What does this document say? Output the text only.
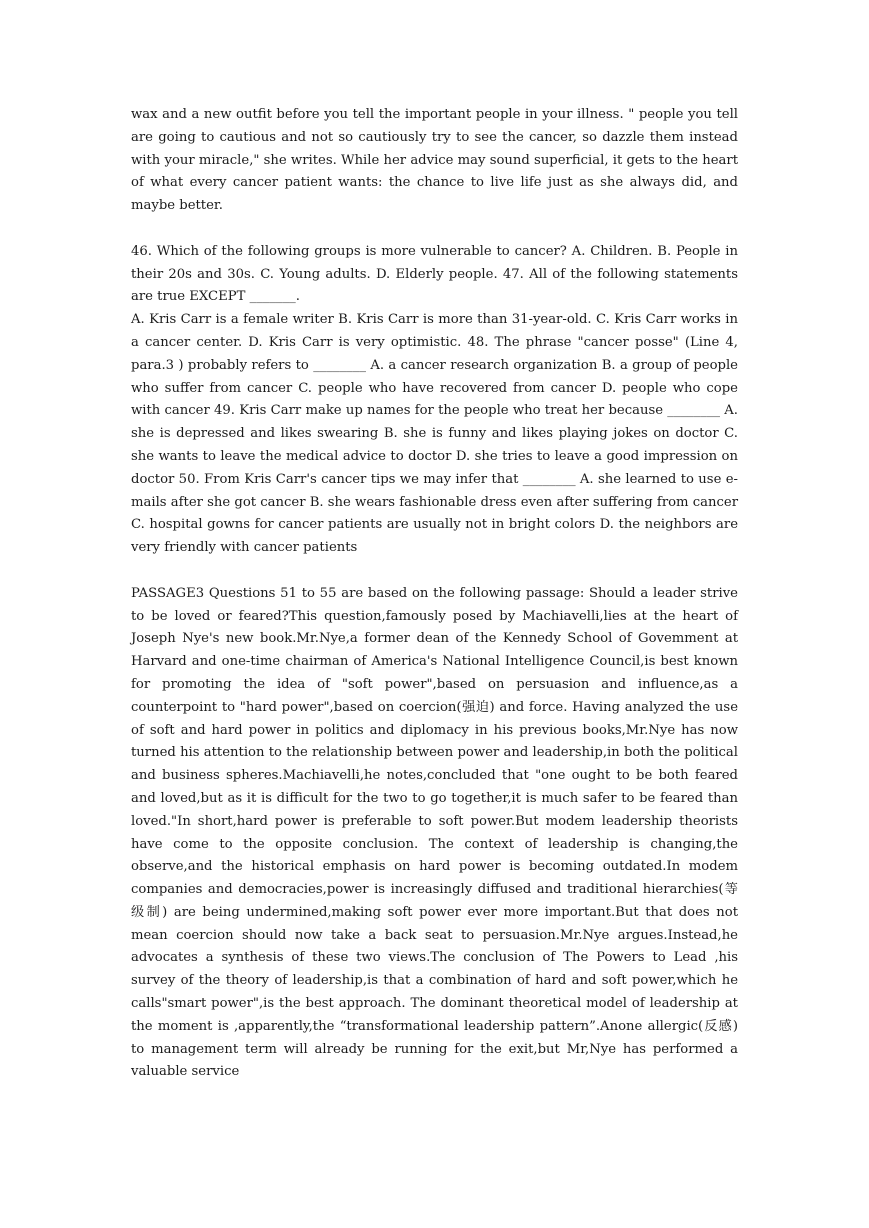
wax and a new outfit before you tell the important people in your illness. " people you tell are going to cautious and not so cautiously try to see the cancer, so dazzle them instead with your miracle," she writes. While her advice may sound superficial, it gets to the heart of what every cancer patient wants: the chance to live life just as she always did, and maybe better.

46. Which of the following groups is more vulnerable to cancer? A. Children. B. People in their 20s and 30s. C. Young adults. D. Elderly people. 47. All of the following statements are true EXCEPT _______.

A. Kris Carr is a female writer B. Kris Carr is more than 31-year-old. C. Kris Carr works in a cancer center. D. Kris Carr is very optimistic. 48. The phrase "cancer posse" (Line 4, para.3 ) probably refers to ________ A. a cancer research organization B. a group of people who suffer from cancer C. people who have recovered from cancer D. people who cope with cancer 49. Kris Carr make up names for the people who treat her because ________ A. she is depressed and likes swearing B. she is funny and likes playing jokes on doctor C. she wants to leave the medical advice to doctor D. she tries to leave a good impression on doctor 50. From Kris Carr's cancer tips we may infer that ________ A. she learned to use e-mails after she got cancer B. she wears fashionable dress even after suffering from cancer C. hospital gowns for cancer patients are usually not in bright colors D. the neighbors are very friendly with cancer patients

PASSAGE3 Questions 51 to 55 are based on the following passage: Should a leader strive to be loved or feared?This question,famously posed by Machiavelli,lies at the heart of Joseph Nye's new book.Mr.Nye,a former dean of the Kennedy School of Govemment at Harvard and one-time chairman of America's National Intelligence Council,is best known for promoting the idea of "soft power",based on persuasion and influence,as a counterpoint to "hard power",based on coercion(强迫) and force. Having analyzed the use of soft and hard power in politics and diplomacy in his previous books,Mr.Nye has now turned his attention to the relationship between power and leadership,in both the political and business spheres.Machiavelli,he notes,concluded that "one ought to be both feared and loved,but as it is difficult for the two to go together,it is much safer to be feared than loved."In short,hard power is preferable to soft power.But modem leadership theorists have come to the opposite conclusion. The context of leadership is changing,the observe,and the historical emphasis on hard power is becoming outdated.In modem companies and democracies,power is increasingly diffused and traditional hierarchies(等级制) are being undermined,making soft power ever more important.But that does not mean coercion should now take a back seat to persuasion.Mr.Nye argues.Instead,he advocates a synthesis of these two views.The conclusion of The Powers to Lead ,his survey of the theory of leadership,is that a combination of hard and soft power,which he calls"smart power",is the best approach. The dominant theoretical model of leadership at the moment is ,apparently,the “transformational leadership pattern”.Anone allergic(反感) to management term will already be running for the exit,but Mr,Nye has performed a valuable service
